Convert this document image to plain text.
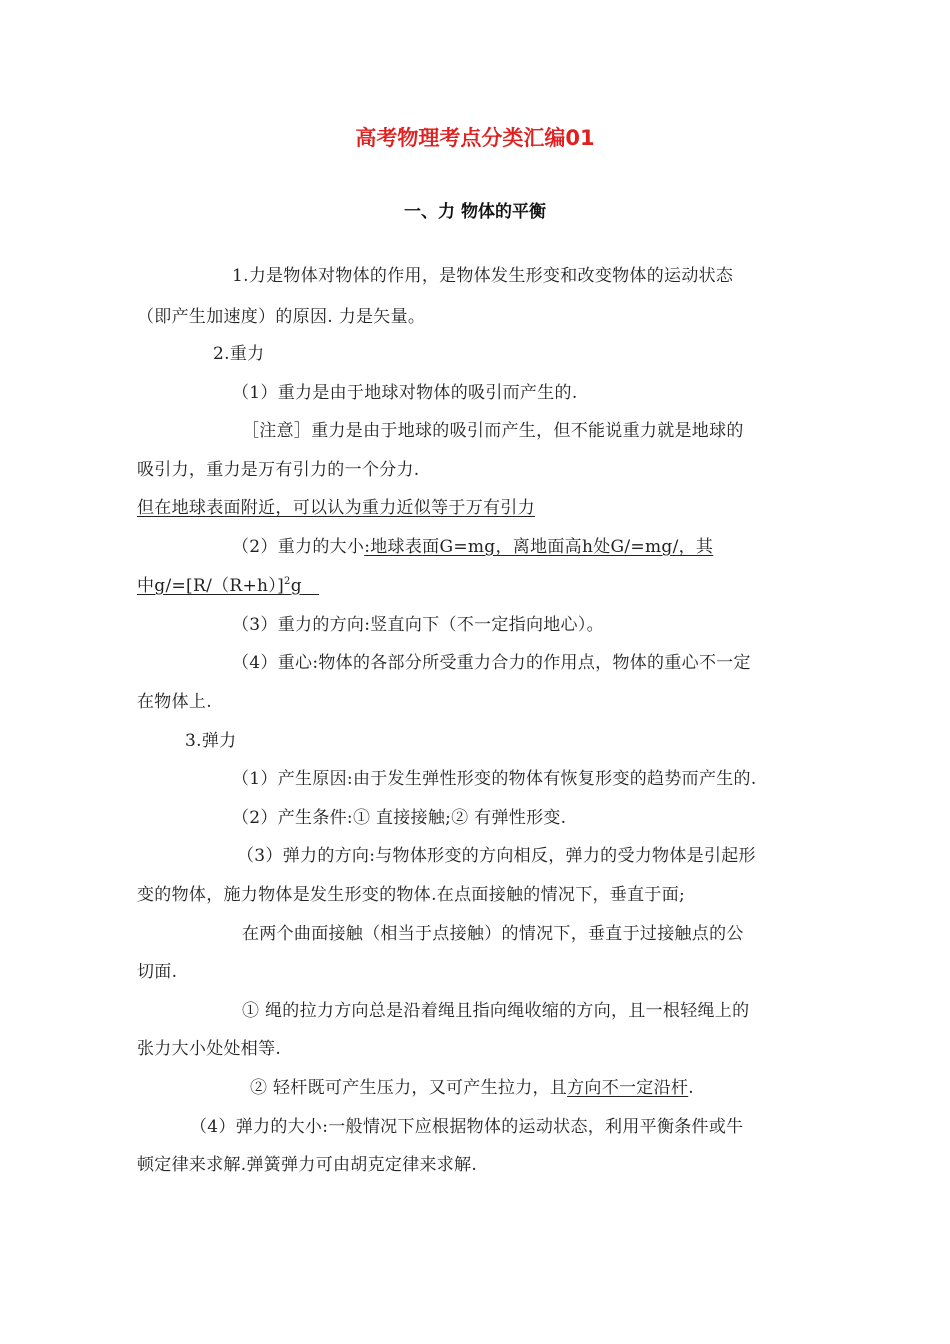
高考物理考点分类汇编01
一、力 物体的平衡
1.力是物体对物体的作用，是物体发生形变和改变物体的运动状态
（即产生加速度）的原因. 力是矢量。
2.重力
（1）重力是由于地球对物体的吸引而产生的.
［注意］重力是由于地球的吸引而产生，但不能说重力就是地球的
吸引力，重力是万有引力的一个分力.
但在地球表面附近，可以认为重力近似等于万有引力
（2）重力的大小:地球表面G=mg，离地面高h处G/=mg/，其
中$g/=[R/(R+h)]^2g$
（3）重力的方向:竖直向下（不一定指向地心）。
（4）重心:物体的各部分所受重力合力的作用点，物体的重心不一定
在物体上.
3.弹力
（1）产生原因:由于发生弹性形变的物体有恢复形变的趋势而产生的.
（2）产生条件:① 直接接触;② 有弹性形变.
（3）弹力的方向:与物体形变的方向相反，弹力的受力物体是引起形
变的物体，施力物体是发生形变的物体.在点面接触的情况下，垂直于面;
在两个曲面接触（相当于点接触）的情况下，垂直于过接触点的公
切面.
① 绳的拉力方向总是沿着绳且指向绳收缩的方向，且一根轻绳上的
张力大小处处相等.
② 轻杆既可产生压力，又可产生拉力，且方向不一定沿杆.
（4）弹力的大小:一般情况下应根据物体的运动状态，利用平衡条件或牛
顿定律来求解.弹簧弹力可由胡克定律来求解.
